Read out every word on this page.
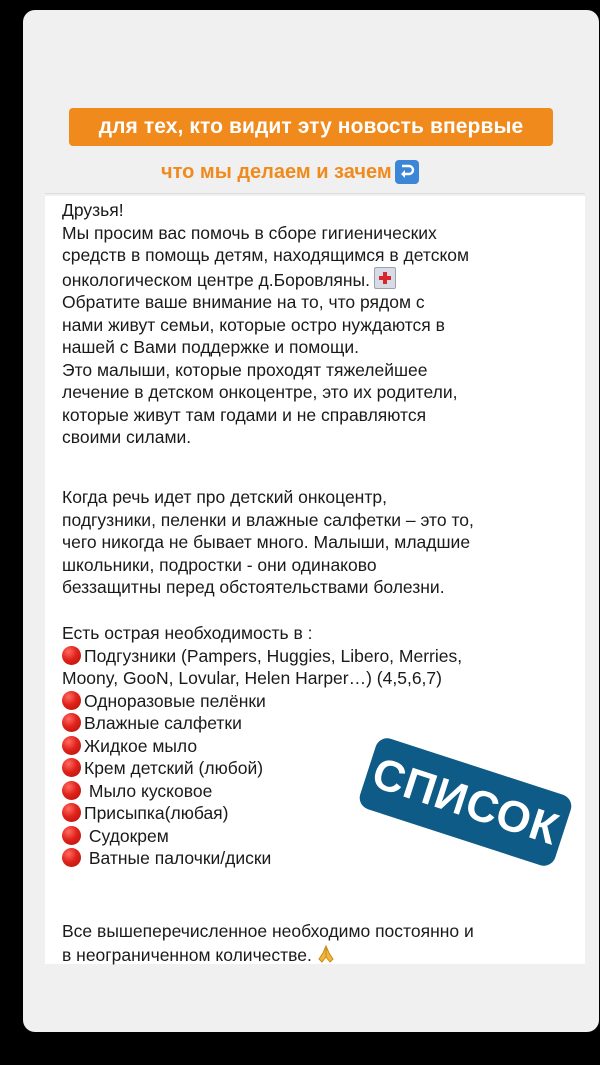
для тех, кто видит эту новость впервые
что мы делаем и зачем

Друзья!
Мы просим вас помочь в сборе гигиенических
средств в помощь детям, находящимся в детском
онкологическом центре д.Боровляны.
Обратите ваше внимание на то, что рядом с
нами живут семьи, которые остро нуждаются в
нашей с Вами поддержке и помощи.
Это малыши, которые проходят тяжелейшее
лечение в детском онкоцентре, это их родители,
которые живут там годами и не справляются
своими силами.

Когда речь идет про детский онкоцентр,
подгузники, пеленки и влажные салфетки – это то,
чего никогда не бывает много. Малыши, младшие
школьники, подростки - они одинаково
беззащитны перед обстоятельствами болезни.

Есть острая необходимость в :
Подгузники (Pampers, Huggies, Libero, Merries,
Moony, GooN, Lovular, Helen Harper…) (4,5,6,7)
Одноразовые пелёнки
Влажные салфетки
Жидкое мыло
Крем детский (любой)
Мыло кусковое
Присыпка(любая)
Судокрем
Ватные палочки/диски

Все вышеперечисленное необходимо постоянно и
в неограниченном количестве.

СПИСОК
